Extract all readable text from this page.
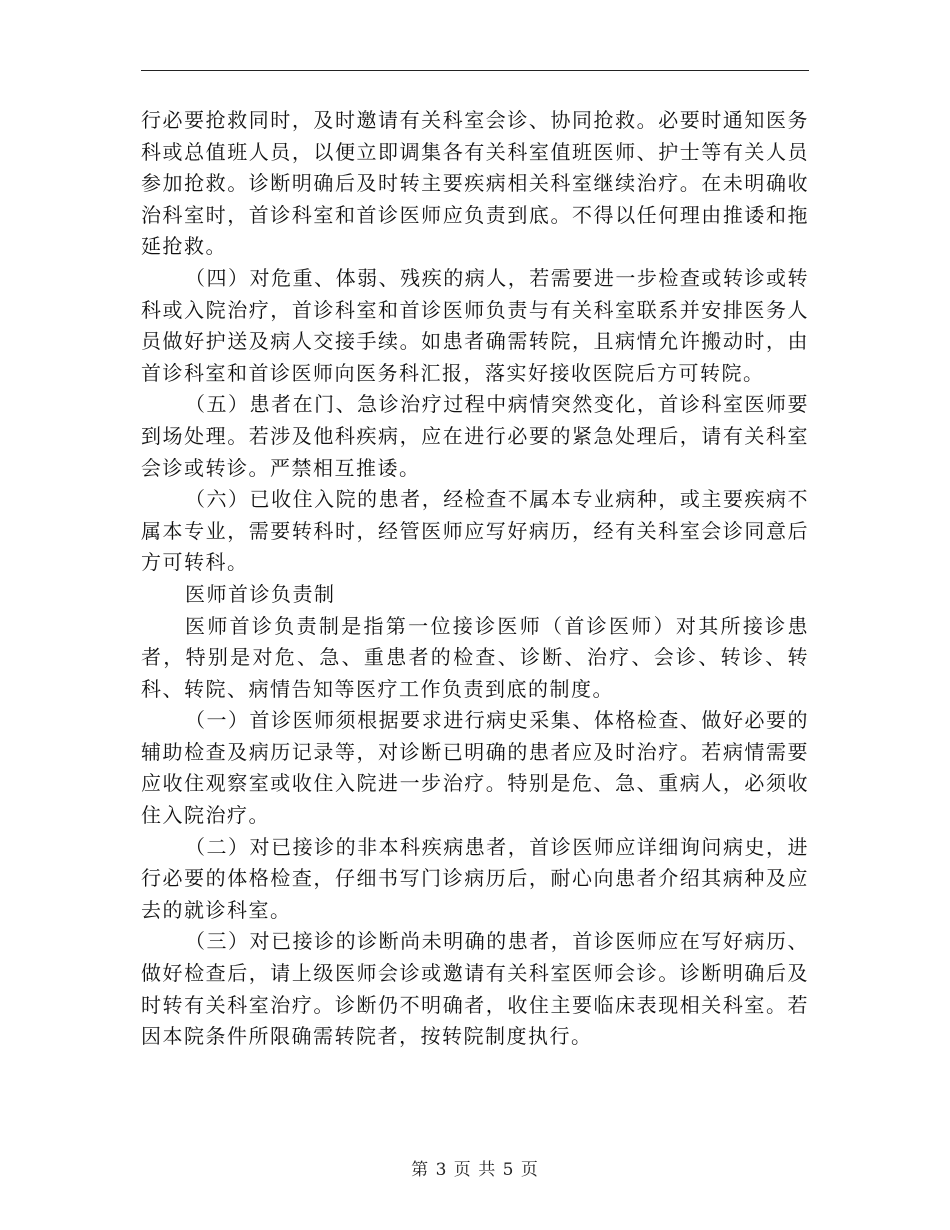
行必要抢救同时，及时邀请有关科室会诊、协同抢救。必要时通知医务科或总值班人员，以便立即调集各有关科室值班医师、护士等有关人员参加抢救。诊断明确后及时转主要疾病相关科室继续治疗。在未明确收治科室时，首诊科室和首诊医师应负责到底。不得以任何理由推诿和拖延抢救。

（四）对危重、体弱、残疾的病人，若需要进一步检查或转诊或转科或入院治疗，首诊科室和首诊医师负责与有关科室联系并安排医务人员做好护送及病人交接手续。如患者确需转院，且病情允许搬动时，由首诊科室和首诊医师向医务科汇报，落实好接收医院后方可转院。

（五）患者在门、急诊治疗过程中病情突然变化，首诊科室医师要到场处理。若涉及他科疾病，应在进行必要的紧急处理后，请有关科室会诊或转诊。严禁相互推诿。

（六）已收住入院的患者，经检查不属本专业病种，或主要疾病不属本专业，需要转科时，经管医师应写好病历，经有关科室会诊同意后方可转科。

医师首诊负责制

医师首诊负责制是指第一位接诊医师（首诊医师）对其所接诊患者，特别是对危、急、重患者的检查、诊断、治疗、会诊、转诊、转科、转院、病情告知等医疗工作负责到底的制度。

（一）首诊医师须根据要求进行病史采集、体格检查、做好必要的辅助检查及病历记录等，对诊断已明确的患者应及时治疗。若病情需要应收住观察室或收住入院进一步治疗。特别是危、急、重病人，必须收住入院治疗。

（二）对已接诊的非本科疾病患者，首诊医师应详细询问病史，进行必要的体格检查，仔细书写门诊病历后，耐心向患者介绍其病种及应去的就诊科室。

（三）对已接诊的诊断尚未明确的患者，首诊医师应在写好病历、做好检查后，请上级医师会诊或邀请有关科室医师会诊。诊断明确后及时转有关科室治疗。诊断仍不明确者，收住主要临床表现相关科室。若因本院条件所限确需转院者，按转院制度执行。

第 3 页 共 5 页
